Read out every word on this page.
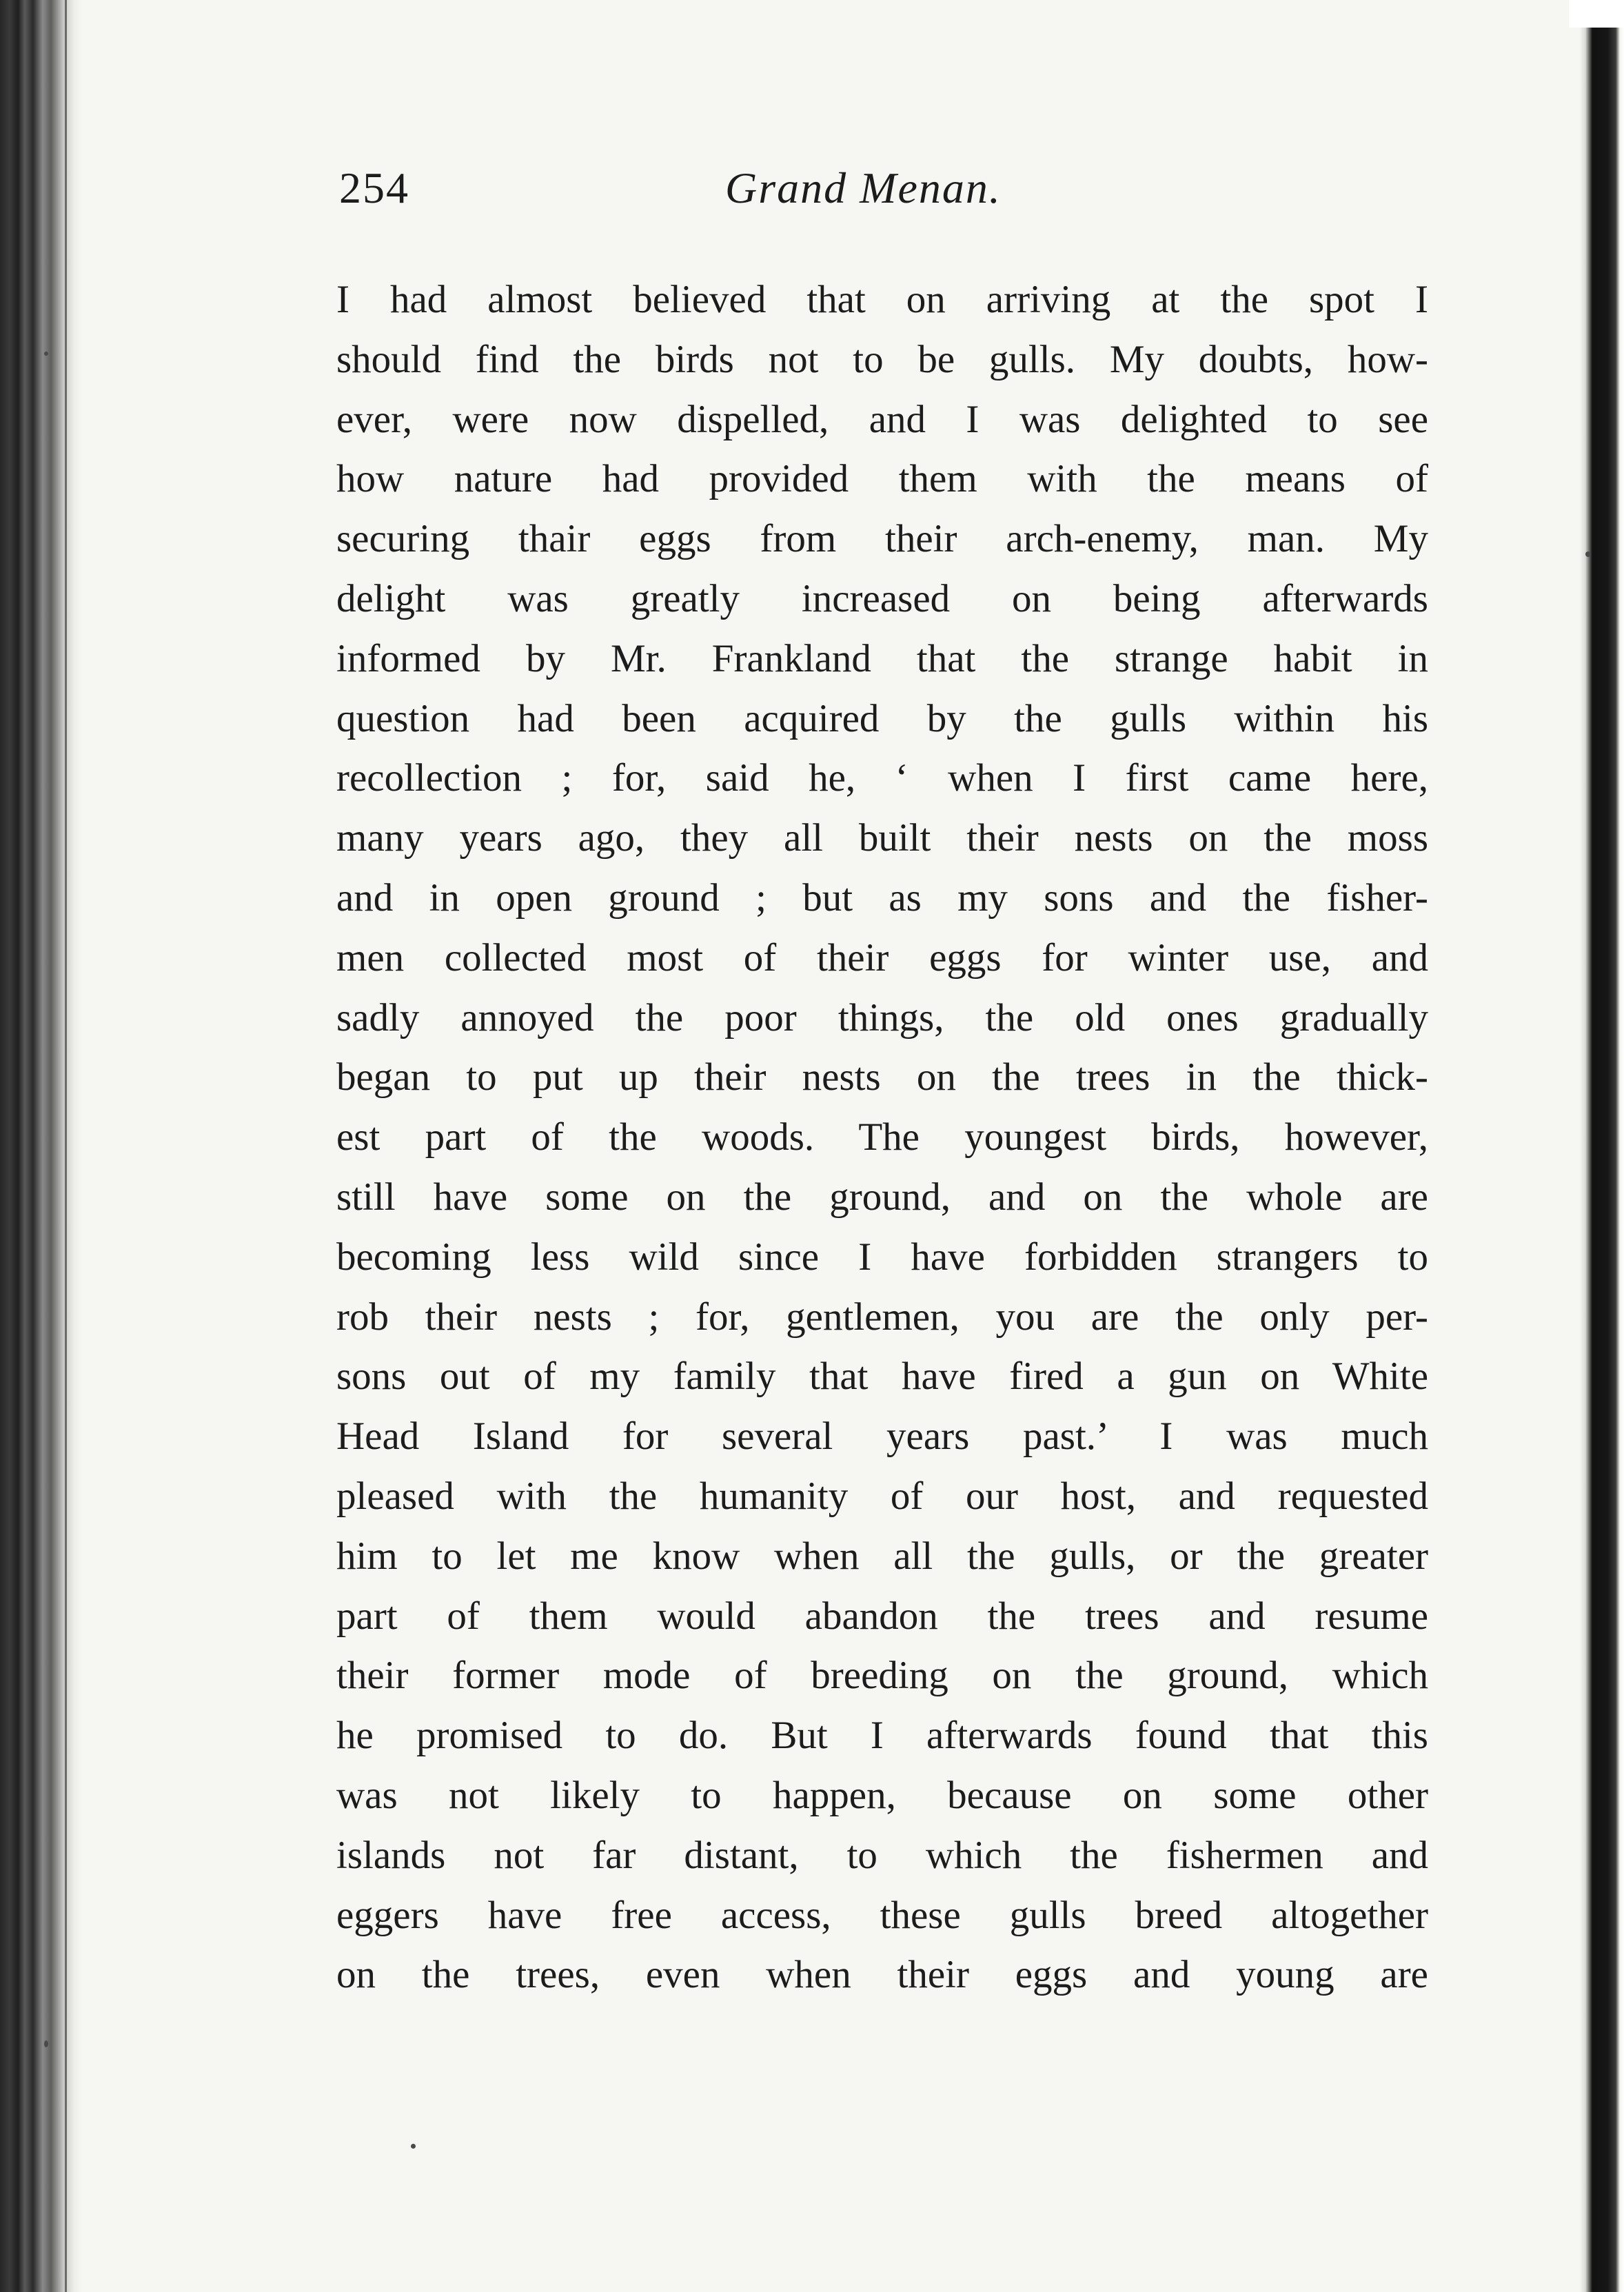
254	Grand Menan.
I had almost believed that on arriving at the spot I
should find the birds not to be gulls. My doubts, how-
ever, were now dispelled, and I was delighted to see
how nature had provided them with the means of
securing thair eggs from their arch-enemy, man. My
delight was greatly increased on being afterwards
informed by Mr. Frankland that the strange habit in
question had been acquired by the gulls within his
recollection ; for, said he, ‘ when I first came here,
many years ago, they all built their nests on the moss
and in open ground ; but as my sons and the fisher-
men collected most of their eggs for winter use, and
sadly annoyed the poor things, the old ones gradually
began to put up their nests on the trees in the thick-
est part of the woods. The youngest birds, however,
still have some on the ground, and on the whole are
becoming less wild since I have forbidden strangers to
rob their nests ; for, gentlemen, you are the only per-
sons out of my family that have fired a gun on White
Head Island for several years past.’ I was much
pleased with the humanity of our host, and requested
him to let me know when all the gulls, or the greater
part of them would abandon the trees and resume
their former mode of breeding on the ground, which
he promised to do. But I afterwards found that this
was not likely to happen, because on some other
islands not far distant, to which the fishermen and
eggers have free access, these gulls breed altogether
on the trees, even when their eggs and young are
